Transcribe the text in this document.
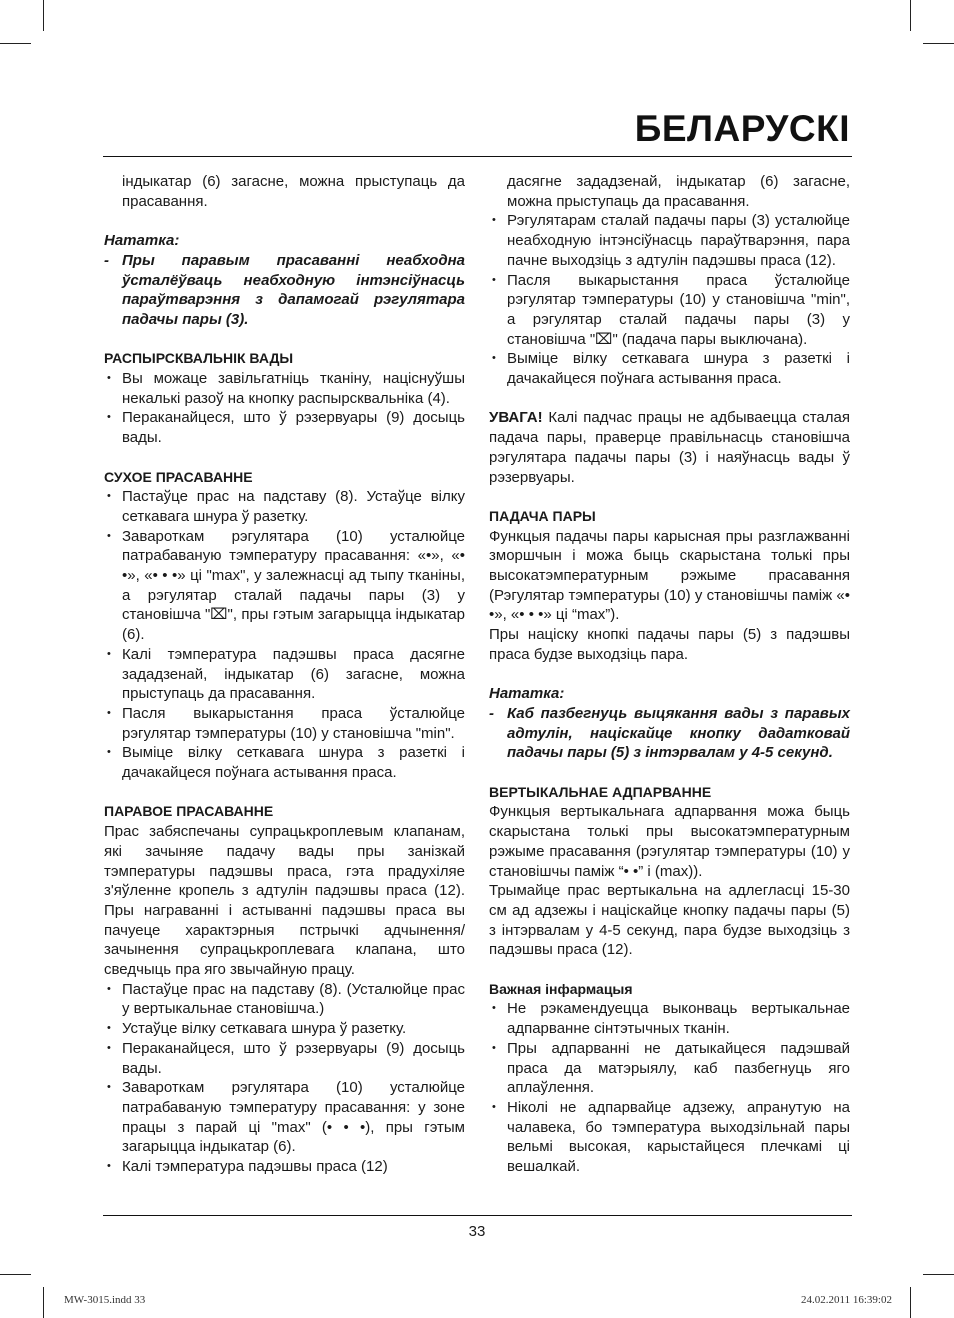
БЕЛАРУСКІ

індыкатар (6) загасне, можна прыступаць да прасавання.

Нататка:

- Пры паравым прасаванні неабходна ўсталёўваць неабходную інтэнсіўнасць параўтварэння з дапамогай рэгулятара падачы пары (3).

РАСПЫРСКВАЛЬНІК ВАДЫ

• Вы можаце завільгатніць тканіну, націснуўшы некалькі разоў на кнопку распырсквальніка (4).
• Пераканайцеся, што ў рэзервуары (9) досыць вады.

СУХОЕ ПРАСАВАННЕ

• Пастаўце прас на падставу (8). Устаўце вілку сеткавага шнура ў разетку.
• Завароткам рэгулятара (10) усталюйце патрабаваную тэмпературу прасавання: «•», «• •», «• • •» ці "max", у залежнасці ад тыпу тканіны, а рэгулятар сталай падачы пары (3) у становішча "⌧", пры гэтым загарыцца індыкатар (6).
• Калі тэмпература падэшвы праса дасягне зададзенай, індыкатар (6) загасне, можна прыступаць да прасавання.
• Пасля выкарыстання праса ўсталюйце рэгулятар тэмпературы (10) у становішча "min".
• Выміце вілку сеткавага шнура з разеткі і дачакайцеся поўнага астывання праса.

ПАРАВОЕ ПРАСАВАННЕ

Прас забяспечаны супрацькроплевым клапанам, які зачыняе падачу вады пры занізкай тэмпературы падэшвы праса, гэта прадухіляе з'яўленне кропель з адтулін падэшвы праса (12). Пры награванні і астыванні падэшвы праса вы пачуеце характэрныя пстрычкі адчынення/зачынення супрацькроплевага клапана, што сведчыць пра яго звычайную працу.

• Пастаўце прас на падставу (8). (Усталюйце прас у вертыкальнае становішча.)
• Устаўце вілку сеткавага шнура ў разетку.
• Пераканайцеся, што ў рэзервуары (9) досыць вады.
• Завароткам рэгулятара (10) усталюйце патрабаваную тэмпературу прасавання: у зоне працы з парай ці "max" (• • •), пры гэтым загарыцца індыкатар (6).
• Калі тэмпература падэшвы праса (12)

дасягне зададзенай, індыкатар (6) загасне, можна прыступаць да прасавання.

• Рэгулятарам сталай падачы пары (3) усталюйце неабходную інтэнсіўнасць параўтварэння, пара пачне выходзіць з адтулін падэшвы праса (12).
• Пасля выкарыстання праса ўсталюйце рэгулятар тэмпературы (10) у становішча "min", а рэгулятар сталай падачы пары (3) у становішча "⌧" (падача пары выключана).
• Выміце вілку сеткавага шнура з разеткі і дачакайцеся поўнага астывання праса.

УВАГА! Калі падчас працы не адбываецца сталая падача пары, праверце правільнасць становішча рэгулятара падачы пары (3) і наяўнасць вады ў рэзервуары.

ПАДАЧА ПАРЫ

Функцыя падачы пары карысная пры разглажванні зморшчын і можа быць скарыстана толькі пры высокатэмпературным рэжыме прасавання (Рэгулятар тэмпературы (10) у становішчы паміж «• •», «• • •» ці “max”).

Пры націску кнопкі падачы пары (5) з падэшвы праса будзе выходзіць пара.

Нататка:

- Каб пазбегнуць выцякання вады з паравых адтулін, націскайце кнопку дадатковай падачы пары (5) з інтэрвалам у 4-5 секунд.

ВЕРТЫКАЛЬНАЕ АДПАРВАННЕ

Функцыя вертыкальнага адпарвання можа быць скарыстана толькі пры высокатэмпературным рэжыме прасавання (рэгулятар тэмпературы (10) у становішчы паміж “• •” і (max)).

Трымайце прас вертыкальна на адлегласці 15-30 см ад адзежы і націскайце кнопку падачы пары (5) з інтэрвалам у 4-5 секунд, пара будзе выходзіць з падэшвы праса (12).

Важная інфармацыя

• Не рэкамендуецца выконваць вертыкальнае адпарванне сінтэтычных тканін.
• Пры адпарванні не датыкайцеся падэшвай праса да матэрыялу, каб пазбегнуць яго аплаўлення.
• Ніколі не адпарвайце адзежу, апранутую на чалавека, бо тэмпература выходзільнай пары вельмі высокая, карыстайцеся плечкамі ці вешалкай.
33
MW-3015.indd 33	24.02.2011 16:39:02
